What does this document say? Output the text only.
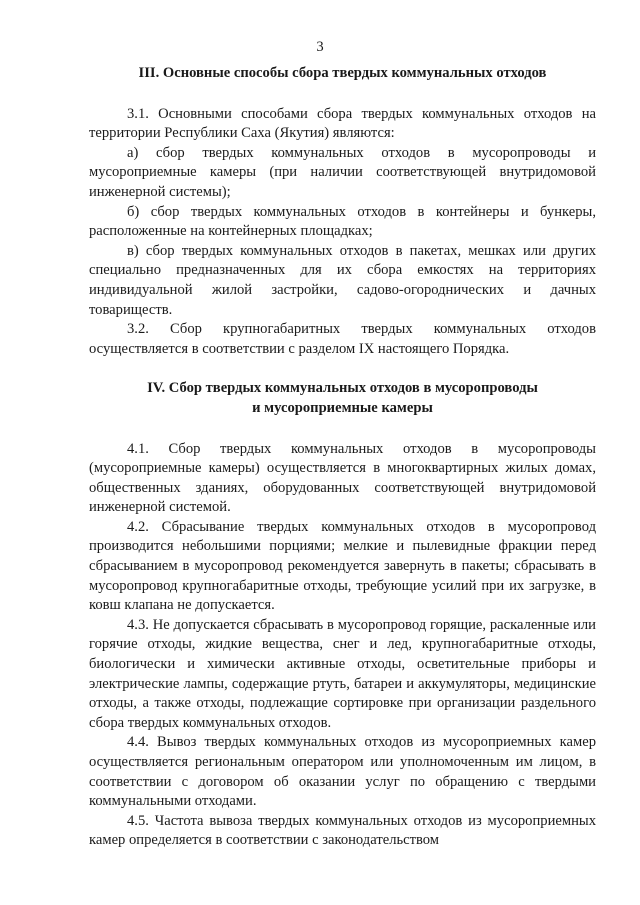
3
III. Основные способы сбора твердых коммунальных отходов

3.1. Основными способами сбора твердых коммунальных отходов на территории Республики Саха (Якутия) являются:

а) сбор твердых коммунальных отходов в мусоропроводы и мусороприемные камеры (при наличии соответствующей внутридомовой инженерной системы);

б) сбор твердых коммунальных отходов в контейнеры и бункеры, расположенные на контейнерных площадках;

в) сбор твердых коммунальных отходов в пакетах, мешках или других специально предназначенных для их сбора емкостях на территориях индивидуальной жилой застройки, садово-огороднических и дачных товариществ.

3.2. Сбор крупногабаритных твердых коммунальных отходов осуществляется в соответствии с разделом IX настоящего Порядка.

IV. Сбор твердых коммунальных отходов в мусоропроводы
и мусороприемные камеры

4.1. Сбор твердых коммунальных отходов в мусоропроводы (мусороприемные камеры) осуществляется в многоквартирных жилых домах, общественных зданиях, оборудованных соответствующей внутридомовой инженерной системой.

4.2. Сбрасывание твердых коммунальных отходов в мусоропровод производится небольшими порциями; мелкие и пылевидные фракции перед сбрасыванием в мусоропровод рекомендуется завернуть в пакеты; сбрасывать в мусоропровод крупногабаритные отходы, требующие усилий при их загрузке, в ковш клапана не допускается.

4.3. Не допускается сбрасывать в мусоропровод горящие, раскаленные или горячие отходы, жидкие вещества, снег и лед, крупногабаритные отходы, биологически и химически активные отходы, осветительные приборы и электрические лампы, содержащие ртуть, батареи и аккумуляторы, медицинские отходы, а также отходы, подлежащие сортировке при организации раздельного сбора твердых коммунальных отходов.

4.4. Вывоз твердых коммунальных отходов из мусороприемных камер осуществляется региональным оператором или уполномоченным им лицом, в соответствии с договором об оказании услуг по обращению с твердыми коммунальными отходами.

4.5. Частота вывоза твердых коммунальных отходов из мусороприемных камер определяется в соответствии с законодательством
